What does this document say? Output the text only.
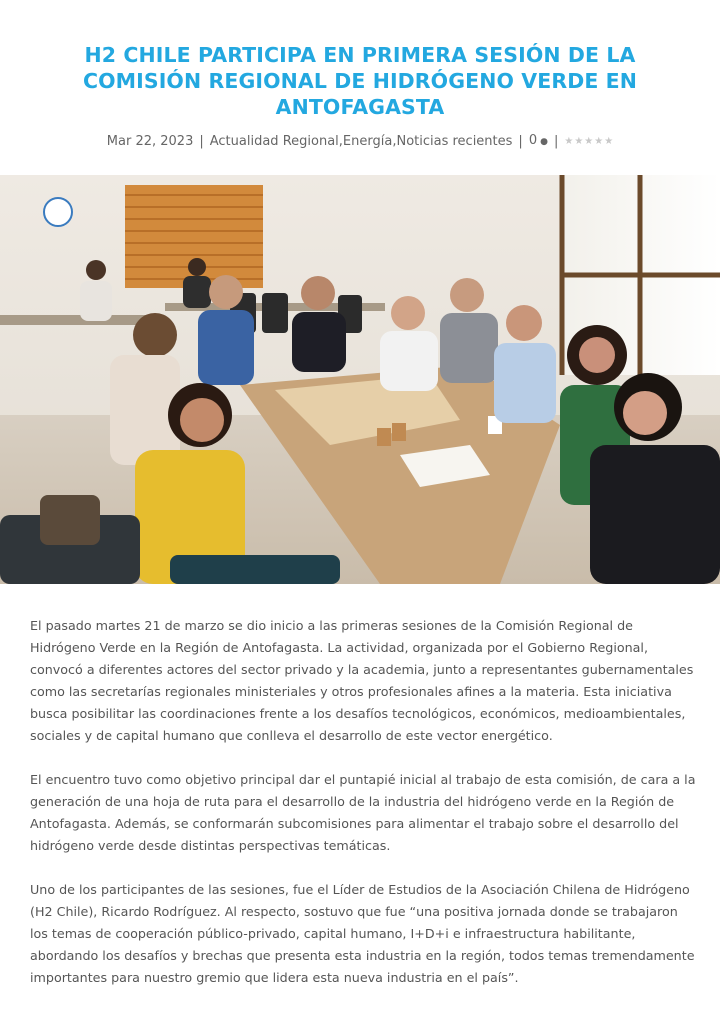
H2 CHILE PARTICIPA EN PRIMERA SESIÓN DE LA COMISIÓN REGIONAL DE HIDRÓGENO VERDE EN ANTOFAGASTA
Mar 22, 2023 | Actualidad Regional , Energía , Noticias recientes | 0 ●​ | ★ ★ ★ ★ ★

El pasado martes 21 de marzo se dio inicio a las primeras sesiones de la Comisión Regional de Hidrógeno Verde en la Región de Antofagasta. La actividad, organizada por el Gobierno Regional, convocó a diferentes actores del sector privado y la academia, junto a representantes gubernamentales como las secretarías regionales ministeriales y otros profesionales afines a la materia. Esta iniciativa busca posibilitar las coordinaciones frente a los desafíos tecnológicos, económicos, medioambientales, sociales y de capital humano que conlleva el desarrollo de este vector energético.

El encuentro tuvo como objetivo principal dar el puntapié inicial al trabajo de esta comisión, de cara a la generación de una hoja de ruta para el desarrollo de la industria del hidrógeno verde en la Región de Antofagasta. Además, se conformarán subcomisiones para alimentar el trabajo sobre el desarrollo del hidrógeno verde desde distintas perspectivas temáticas.

Uno de los participantes de las sesiones, fue el Líder de Estudios de la Asociación Chilena de Hidrógeno (H2 Chile), Ricardo Rodríguez. Al respecto, sostuvo que fue “una positiva jornada donde se trabajaron los temas de cooperación público-privado, capital humano, I+D+i e infraestructura habilitante, abordando los desafíos y brechas que presenta esta industria en la región, todos temas tremendamente importantes para nuestro gremio que lidera esta nueva industria en el país”.
